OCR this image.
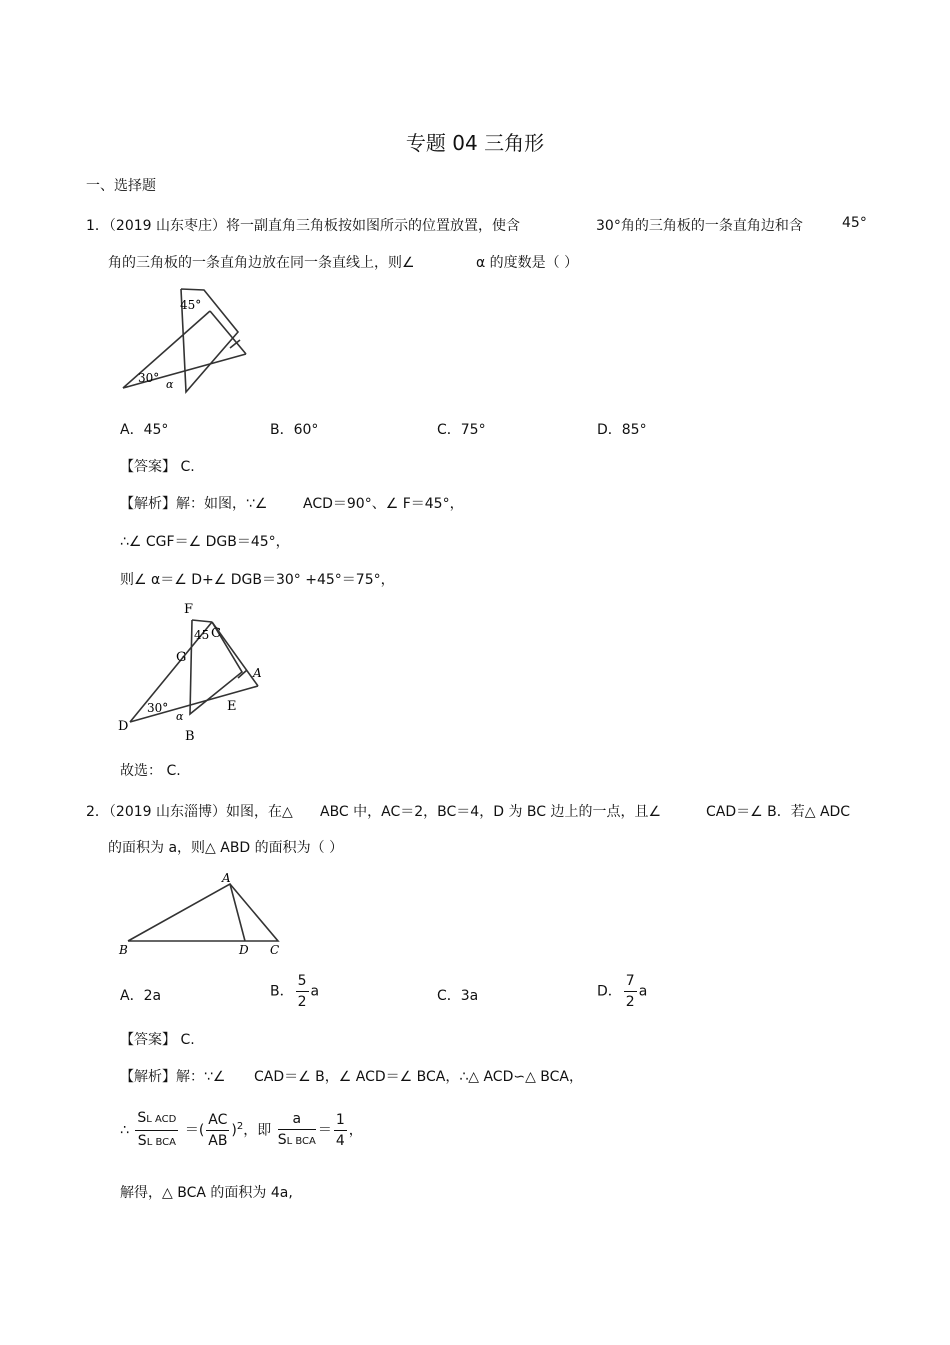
专题 04 三角形
一、选择题
1．（2019 山东枣庄）将一副直角三角板按如图所示的位置放置，使含	30°角的三角板的一条直角边和含	45°
角的三角板的一条直角边放在同一条直线上，则∠	α 的度数是（ ）
45°
30° α
A．45°	B．60°	C．75°	D．85°
【答案】 C.
【解析】解：如图，∵∠	ACD＝90°、∠ F＝45°，
∴∠ CGF＝∠ DGB＝45°，
则∠ α＝∠ D+∠ DGB＝30° +45°＝75°，
F
C
45
G
A
D
30°
α
E
B
故选： C.
2．（2019 山东淄博）如图，在△ ABC 中，AC＝2，BC＝4，D 为 BC 边上的一点，且∠	CAD＝∠ B．若△ ADC
的面积为 a，则△ ABD 的面积为（ ）
A
B	D C
A．2a	B． $\frac{5}{2}$ a	C．3a	D． $\frac{7}{2}$ a
【答案】 C.
【解析】解：∵∠ CAD＝∠ B，∠ ACD＝∠ BCA，∴△ ACD∽△ BCA，
∴ $\frac{\text{SL ACD}}{\text{SL BCA}}$ ＝( $\frac{AC}{AB} )^2$，即 $\frac{a}{\text{SL BCA}} = \frac{1}{4}$ ，
解得，△ BCA 的面积为 4a,
